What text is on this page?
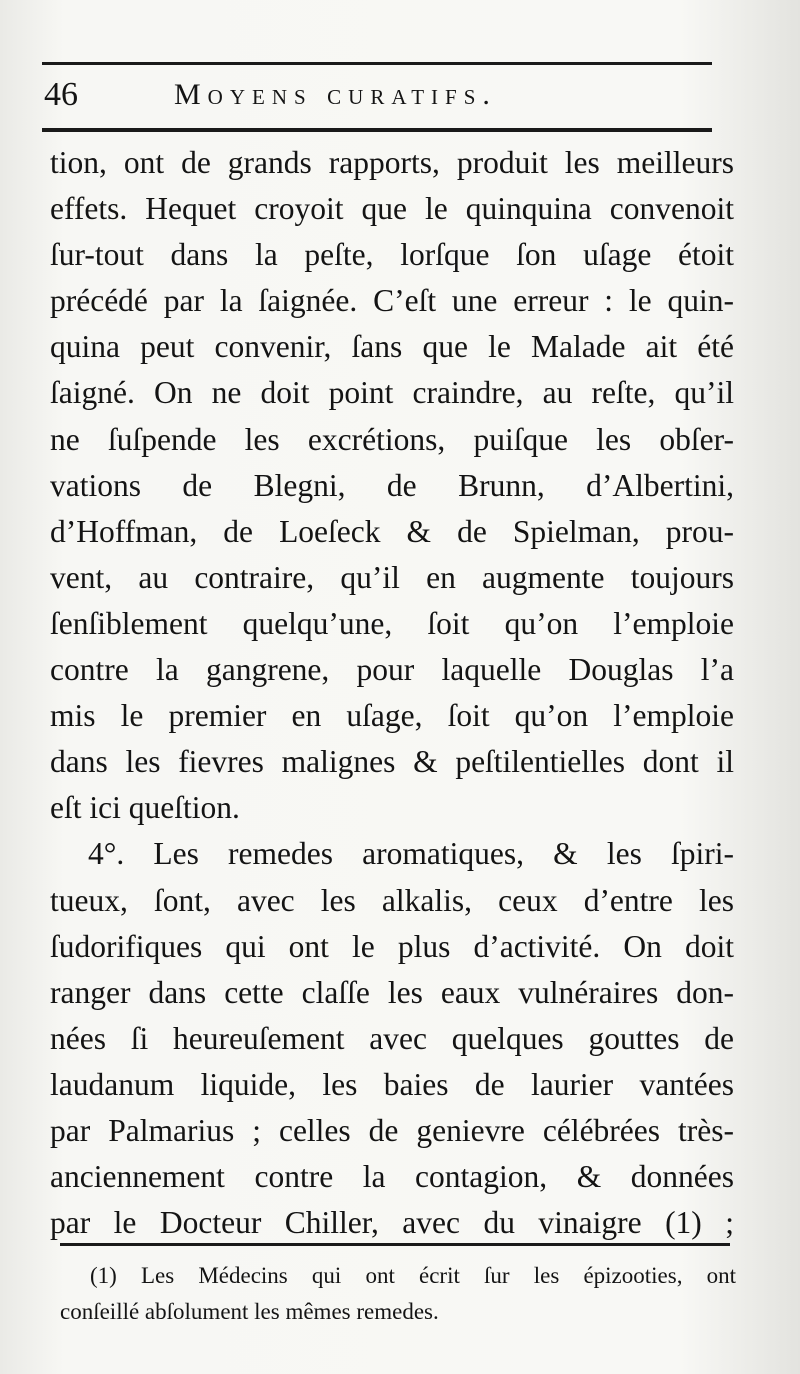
46	Moyens curatifs.
tion, ont de grands rapports, produit les meilleurs
effets. Hequet croyoit que le quinquina convenoit
ſur-tout dans la peſte, lorſque ſon uſage étoit
précédé par la ſaignée. C’eſt une erreur : le quin-
quina peut convenir, ſans que le Malade ait été
ſaigné. On ne doit point craindre, au reſte, qu’il
ne ſuſpende les excrétions, puiſque les obſer-
vations de Blegni, de Brunn, d’Albertini,
d’Hoffman, de Loeſeck & de Spielman, prou-
vent, au contraire, qu’il en augmente toujours
ſenſiblement quelqu’une, ſoit qu’on l’emploie
contre la gangrene, pour laquelle Douglas l’a
mis le premier en uſage, ſoit qu’on l’emploie
dans les fievres malignes & peſtilentielles dont il
eſt ici queſtion.
4°. Les remedes aromatiques, & les ſpiri-
tueux, ſont, avec les alkalis, ceux d’entre les
ſudorifiques qui ont le plus d’activité. On doit
ranger dans cette claſſe les eaux vulnéraires don-
nées ſi heureuſement avec quelques gouttes de
laudanum liquide, les baies de laurier vantées
par Palmarius ; celles de genievre célébrées très-
anciennement contre la contagion, & données
par le Docteur Chiller, avec du vinaigre (1) ;
(1) Les Médecins qui ont écrit ſur les épizooties, ont
conſeillé abſolument les mêmes remedes.
